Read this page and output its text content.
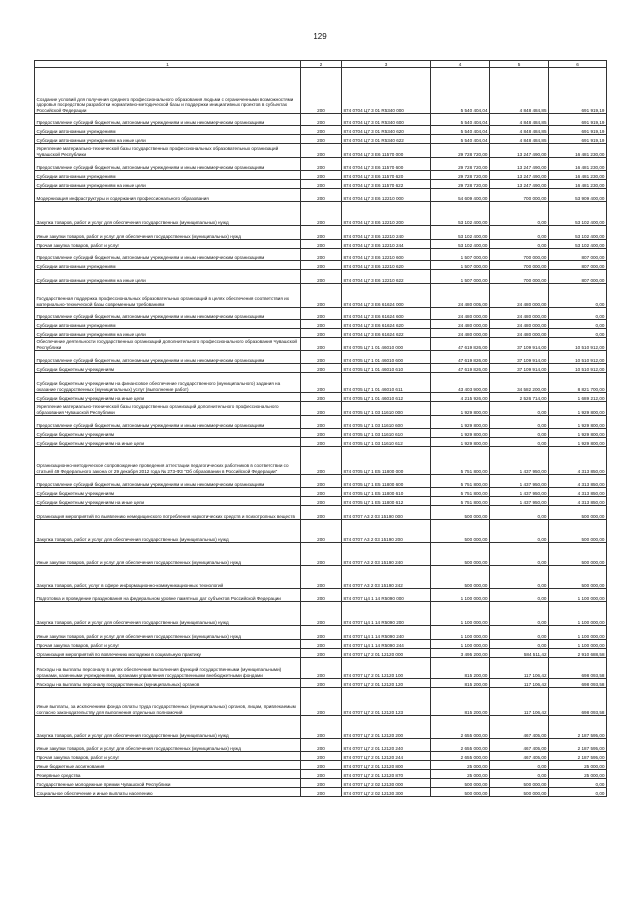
129
1	2	3	4	5	6
Создание условий для получения среднего профессионального образования людьми с ограниченными возможностями здоровья посредством разработки нормативно-методической базы и поддержки инициативных проектов в субъектах Российской Федерации	200	874 0704 Ц7 3 01 R5340 000	5 540 404,04	4 848 484,85	691 919,19
Предоставление субсидий бюджетным, автономным учреждениям и иным некоммерческим организациям	200	874 0704 Ц7 3 01 R5340 600	5 540 404,04	4 848 484,85	691 919,19
Субсидии автономным учреждениям	200	874 0704 Ц7 3 01 R5340 620	5 540 404,04	4 848 484,85	691 919,19
Субсидии автономным учреждениям на иные цели	200	874 0704 Ц7 3 01 R5340 622	5 540 404,04	4 848 484,85	691 919,19
Укрепление материально-технической базы государственных профессиональных образовательных организаций Чувашской Республики	200	874 0704 Ц7 3 Е6 11570 000	29 728 720,00	13 247 490,00	16 481 230,00
Предоставление субсидий бюджетным, автономным учреждениям и иным некоммерческим организациям	200	874 0704 Ц7 3 Е6 11570 600	29 728 720,00	13 247 490,00	16 481 230,00
Субсидии автономным учреждениям	200	874 0704 Ц7 3 Е6 11570 620	29 728 720,00	13 247 490,00	16 481 230,00
Субсидии автономным учреждениям на иные цели	200	874 0704 Ц7 3 Е6 11570 622	29 728 720,00	13 247 490,00	16 481 230,00
Модернизация инфраструктуры и содержания профессионального образования	200	874 0704 Ц7 3 Е6 12210 000	54 609 400,00	700 000,00	53 909 400,00
Закупка товаров, работ и услуг для обеспечения государственных (муниципальных) нужд	200	874 0704 Ц7 3 Е6 12210 200	53 102 400,00	0,00	53 102 400,00
Иные закупки товаров, работ и услуг для обеспечения государственных (муниципальных) нужд	200	874 0704 Ц7 3 Е6 12210 240	53 102 400,00	0,00	53 102 400,00
Прочая закупка товаров, работ и услуг	200	874 0704 Ц7 3 Е6 12210 244	53 102 400,00	0,00	53 102 400,00
Предоставление субсидий бюджетным, автономным учреждениям и иным некоммерческим организациям	200	874 0704 Ц7 3 Е6 12210 600	1 507 000,00	700 000,00	807 000,00
Субсидии автономным учреждениям	200	874 0704 Ц7 3 Е6 12210 620	1 507 000,00	700 000,00	807 000,00
Субсидии автономным учреждениям на иные цели	200	874 0704 Ц7 3 Е6 12210 622	1 507 000,00	700 000,00	807 000,00
Государственная поддержка профессиональных образовательных организаций в целях обеспечения соответствия их материально-технической базы современным требованиям	200	874 0704 Ц7 3 Е6 61624 000	24 480 005,00	24 480 000,00	0,00
Предоставление субсидий бюджетным, автономным учреждениям и иным некоммерческим организациям	200	874 0704 Ц7 3 Е6 61624 600	24 480 000,00	24 480 000,00	0,00
Субсидии автономным учреждениям	200	874 0704 Ц7 3 Е6 61624 620	24 480 000,00	24 480 000,00	0,00
Субсидии автономным учреждениям на иные цели	200	874 0704 Ц7 3 Е6 61624 622	24 480 000,00	24 480 000,00	0,00
Обеспечение деятельности государственных организаций дополнительного профессионального образования Чувашской Республики	200	874 0705 Ц7 1 01 46010 000	47 619 826,00	37 109 914,00	10 510 912,00
Предоставление субсидий бюджетным, автономным учреждениям и иным некоммерческим организациям	200	874 0705 Ц7 1 01 46010 600	47 619 826,00	37 109 914,00	10 510 912,00
Субсидии бюджетным учреждениям	200	874 0705 Ц7 1 01 46010 610	47 619 826,00	37 109 914,00	10 510 912,00
Субсидии бюджетным учреждениям на финансовое обеспечение государственного (муниципального) задания на оказание государственных (муниципальных) услуг (выполнение работ)	200	874 0705 Ц7 1 01 46010 611	43 403 900,00	34 582 200,00	8 821 700,00
Субсидии бюджетным учреждениям на иные цели	200	874 0705 Ц7 1 01 46010 612	4 215 926,00	2 526 714,00	1 689 212,00
Укрепление материально-технической базы государственных организаций дополнительного профессионального образования Чувашской Республики	200	874 0705 Ц7 1 03 11610 000	1 929 800,00	0,00	1 929 800,00
Предоставление субсидий бюджетным, автономным учреждениям и иным некоммерческим организациям	200	874 0705 Ц7 1 03 11610 600	1 929 800,00	0,00	1 929 800,00
Субсидии бюджетным учреждениям	200	874 0705 Ц7 1 03 11610 610	1 929 800,00	0,00	1 929 800,00
Субсидии бюджетным учреждениям на иные цели	200	874 0705 Ц7 1 03 11610 612	1 929 800,00	0,00	1 929 800,00
Организационно-методическое сопровождение проведения аттестации педагогических работников в соответствии со статьей 49 Федерального закона от 29 декабря 2012 года № 273-ФЗ "Об образовании в Российской Федерации"	200	874 0705 Ц7 1 Е5 11800 000	5 751 800,00	1 437 950,00	4 313 850,00
Предоставление субсидий бюджетным, автономным учреждениям и иным некоммерческим организациям	200	874 0705 Ц7 1 Е5 11800 600	5 751 800,00	1 437 950,00	4 313 850,00
Субсидии бюджетным учреждениям	200	874 0705 Ц7 1 Е5 11800 610	5 751 800,00	1 437 950,00	4 313 850,00
Субсидии бюджетным учреждениям на иные цели	200	874 0705 Ц7 1 Е5 11800 612	5 751 800,00	1 437 950,00	4 313 850,00
Организация мероприятий по выявлению немедицинского потребления наркотических средств и психотропных веществ	200	874 0707 А3 2 03 15190 000	500 000,00	0,00	500 000,00
Закупка товаров, работ и услуг для обеспечения государственных (муниципальных) нужд	200	874 0707 А3 2 03 15190 200	500 000,00	0,00	500 000,00
Иные закупки товаров, работ и услуг для обеспечения государственных (муниципальных) нужд	200	874 0707 А3 2 03 15190 240	500 000,00	0,00	500 000,00
Закупка товаров, работ, услуг в сфере информационно-коммуникационных технологий	200	874 0707 А3 2 03 15190 242	500 000,00	0,00	500 000,00
Подготовка и проведение празднования на федеральном уровне памятных дат субъектов Российской Федерации	200	874 0707 Ц4 1 14 R5090 000	1 100 000,00	0,00	1 100 000,00
Закупка товаров, работ и услуг для обеспечения государственных (муниципальных) нужд	200	874 0707 Ц4 1 14 R5090 200	1 100 000,00	0,00	1 100 000,00
Иные закупки товаров, работ и услуг для обеспечения государственных (муниципальных) нужд	200	874 0707 Ц4 1 14 R5090 240	1 100 000,00	0,00	1 100 000,00
Прочая закупка товаров, работ и услуг	200	874 0707 Ц4 1 14 R5090 244	1 100 000,00	0,00	1 100 000,00
Организация мероприятий по вовлечению молодежи в социальную практику	200	874 0707 Ц7 2 01 12120 000	3 495 200,00	584 511,42	2 910 688,58
Расходы на выплаты персоналу в целях обеспечения выполнения функций государственными (муниципальными) органами, казенными учреждениями, органами управления государственными внебюджетными фондами	200	874 0707 Ц7 2 01 12120 100	815 200,00	117 106,42	698 093,58
Расходы на выплаты персоналу государственных (муниципальных) органов	200	874 0707 Ц7 2 01 12120 120	815 200,00	117 106,42	698 093,58
Иные выплаты, за исключением фонда оплаты труда государственных (муниципальных) органов, лицам, привлекаемым согласно законодательству для выполнения отдельных полномочий	200	874 0707 Ц7 2 01 12120 123	815 200,00	117 106,42	698 093,58
Закупка товаров, работ и услуг для обеспечения государственных (муниципальных) нужд	200	874 0707 Ц7 2 01 12120 200	2 655 000,00	467 405,00	2 187 595,00
Иные закупки товаров, работ и услуг для обеспечения государственных (муниципальных) нужд	200	874 0707 Ц7 2 01 12120 240	2 655 000,00	467 405,00	2 187 595,00
Прочая закупка товаров, работ и услуг	200	874 0707 Ц7 2 01 12120 244	2 655 000,00	467 405,00	2 187 595,00
Иные бюджетные ассигнования	200	874 0707 Ц7 2 01 12120 800	25 000,00	0,00	25 000,00
Резервные средства	200	874 0707 Ц7 2 01 12120 870	25 000,00	0,00	25 000,00
Государственные молодежные премии Чувашской Республики	200	874 0707 Ц7 2 02 12130 000	500 000,00	500 000,00	0,00
Социальное обеспечение и иные выплаты населению	200	874 0707 Ц7 2 02 12130 300	500 000,00	500 000,00	0,00
